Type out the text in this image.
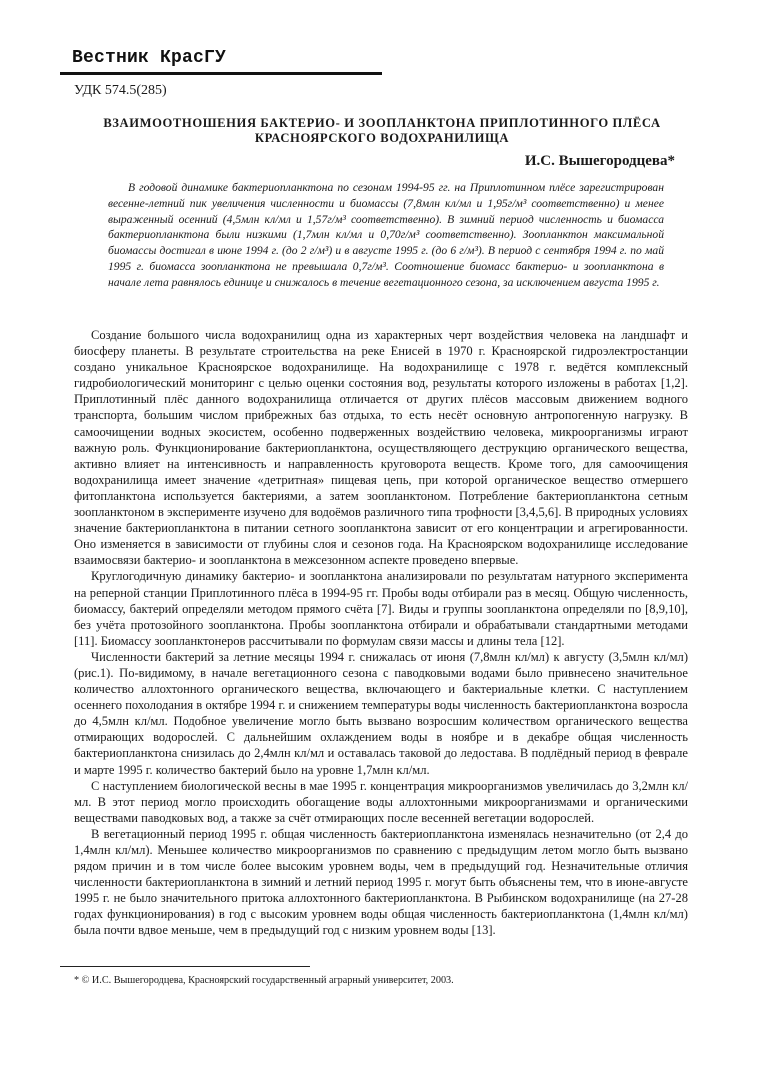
Вестник КрасГУ
УДК 574.5(285)
ВЗАИМООТНОШЕНИЯ БАКТЕРИО- И ЗООПЛАНКТОНА ПРИПЛОТИННОГО ПЛЁСА КРАСНОЯРСКОГО ВОДОХРАНИЛИЩА
И.С. Вышегородцева*

В годовой динамике бактериопланктона по сезонам 1994-95 гг. на Приплотинном плёсе зарегистрирован весенне-летний пик увеличения численности и биомассы (7,8млн кл/мл и 1,95г/м³ соответственно) и менее выраженный осенний (4,5млн кл/мл и 1,57г/м³ соответственно). В зимний период численность и биомасса бактериопланктона были низкими (1,7млн кл/мл и 0,70г/м³ соответственно). Зоопланктон максимальной биомассы достигал в июне 1994 г. (до 2 г/м³) и в августе 1995 г. (до 6 г/м³). В период с сентября 1994 г. по май 1995 г. биомасса зоопланктона не превышала 0,7г/м³. Соотношение биомасс бактерио- и зоопланктона в начале лета равнялось единице и снижалось в течение вегетационного сезона, за исключением августа 1995 г.

Создание большого числа водохранилищ одна из характерных черт воздействия человека на ландшафт и биосферу планеты. В результате строительства на реке Енисей в 1970 г. Красноярской гидроэлектростанции создано уникальное Красноярское водохранилище. На водохранилище с 1978 г. ведётся комплексный гидробиологический мониторинг с целью оценки состояния вод, результаты которого изложены в работах [1,2]. Приплотинный плёс данного водохранилища отличается от других плёсов массовым движением водного транспорта, большим числом прибрежных баз отдыха, то есть несёт основную антропогенную нагрузку. В самоочищении водных экосистем, особенно подверженных воздействию человека, микроорганизмы играют важную роль. Функционирование бактериопланктона, осуществляющего деструкцию органического вещества, активно влияет на интенсивность и направленность круговорота веществ. Кроме того, для самоочищения водохранилища имеет значение «детритная» пищевая цепь, при которой органическое вещество отмершего фитопланктона используется бактериями, а затем зоопланктоном. Потребление бактериопланктона сетным зоопланктоном в эксперименте изучено для водоёмов различного типа трофности [3,4,5,6]. В природных условиях значение бактериопланктона в питании сетного зоопланктона зависит от его концентрации и агрегированности. Оно изменяется в зависимости от глубины слоя и сезонов года. На Красноярском водохранилище исследование взаимосвязи бактерио- и зоопланктона в межсезонном аспекте проведено впервые.

Круглогодичную динамику бактерио- и зоопланктона анализировали по результатам натурного эксперимента на реперной станции Приплотинного плёса в 1994-95 гг. Пробы воды отбирали раз в месяц. Общую численность, биомассу, бактерий определяли методом прямого счёта [7]. Виды и группы зоопланктона определяли по [8,9,10], без учёта протозойного зоопланктона. Пробы зоопланктона отбирали и обрабатывали стандартными методами [11]. Биомассу зоопланктонеров рассчитывали по формулам связи массы и длины тела [12].

Численности бактерий за летние месяцы 1994 г. снижалась от июня (7,8млн кл/мл) к августу (3,5млн кл/мл) (рис.1). По-видимому, в начале вегетационного сезона с паводковыми водами было привнесено значительное количество аллохтонного органического вещества, включающего и бактериальные клетки. С наступлением осеннего похолодания в октябре 1994 г. и снижением температуры воды численность бактериопланктона возросла до 4,5млн кл/мл. Подобное увеличение могло быть вызвано возросшим количеством органического вещества отмирающих водорослей. С дальнейшим охлаждением воды в ноябре и в декабре общая численность бактериопланктона снизилась до 2,4млн кл/мл и оставалась таковой до ледостава. В подлёдный период в феврале и марте 1995 г. количество бактерий было на уровне 1,7млн кл/мл.

С наступлением биологической весны в мае 1995 г. концентрация микроорганизмов увеличилась до 3,2млн кл/мл. В этот период могло происходить обогащение воды аллохтонными микроорганизмами и органическими веществами паводковых вод, а также за счёт отмирающих после весенней вегетации водорослей.

В вегетационный период 1995 г. общая численность бактериопланктона изменялась незначительно (от 2,4 до 1,4млн кл/мл). Меньшее количество микроорганизмов по сравнению с предыдущим летом могло быть вызвано рядом причин и в том числе более высоким уровнем воды, чем в предыдущий год. Незначительные отличия численности бактериопланктона в зимний и летний период 1995 г. могут быть объяснены тем, что в июне-августе 1995 г. не было значительного притока аллохтонного бактериопланктона. В Рыбинском водохранилище (на 27-28 годах функционирования) в год с высоким уровнем воды общая численность бактериопланктона (1,4млн кл/мл) была почти вдвое меньше, чем в предыдущий год с низким уровнем воды [13].

* © И.С. Вышегородцева, Красноярский государственный аграрный университет, 2003.
